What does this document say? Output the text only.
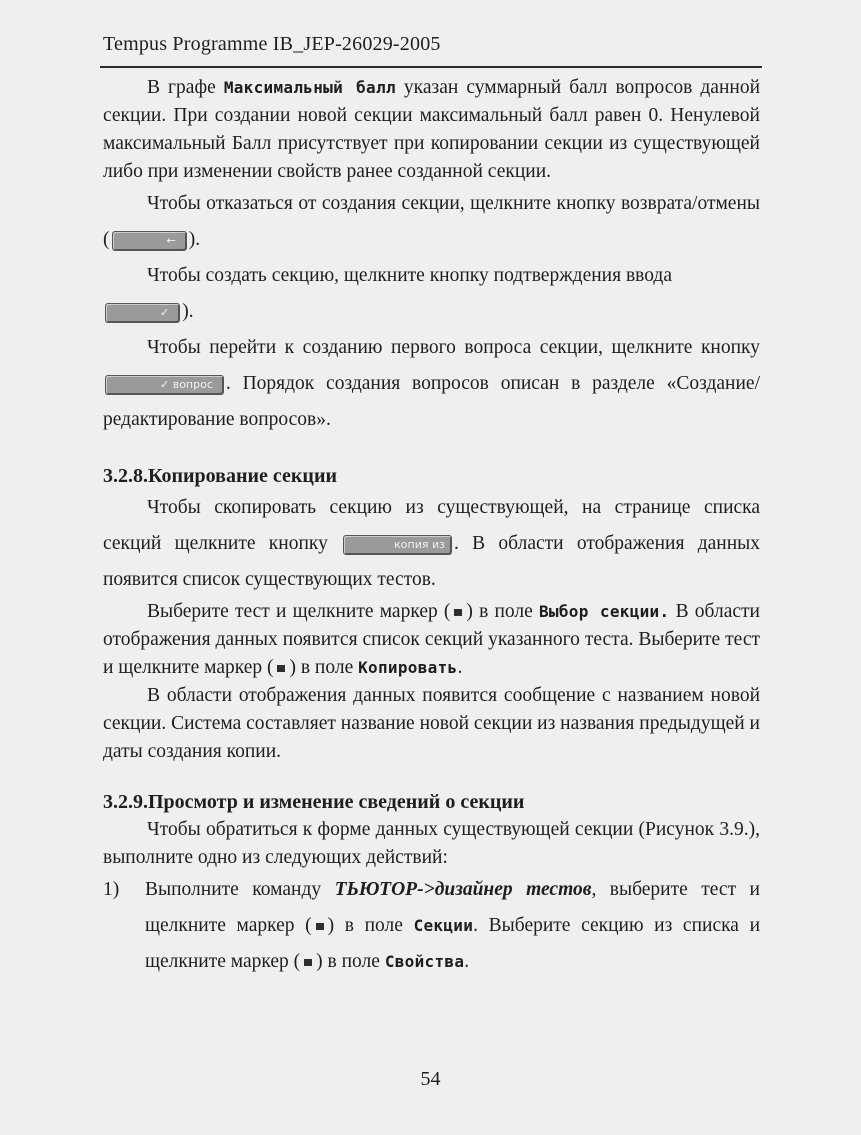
Tempus Programme IB_JEP-26029-2005

В графе Максимальный балл указан суммарный балл вопросов данной секции. При создании новой секции максимальный балл равен 0. Ненулевой максимальный Балл присутствует при копировании секции из существующей либо при изменении свойств ранее созданной секции.

Чтобы отказаться от создания секции, щелкните кнопку возврата/отмены (	← ).

Чтобы создать секцию, щелкните кнопку подтверждения ввода
✓ ).

Чтобы перейти к созданию первого вопроса секции, щелкните кнопку ✓ вопрос . Порядок создания вопросов описан в разделе «Создание/редактирование вопросов».

3.2.8.Копирование секции

Чтобы скопировать секцию из существующей, на странице списка секций щелкните кнопку	копия из . В области отображения данных появится список существующих тестов.

Выберите тест и щелкните маркер ( ) в поле Выбор секции. В области отображения данных появится список секций указанного теста. Выберите тест и щелкните маркер ( ) в поле Копировать.

В области отображения данных появится сообщение с названием новой секции. Система составляет название новой секции из названия предыдущей и даты создания копии.

3.2.9.Просмотр и изменение сведений о секции

Чтобы обратиться к форме данных существующей секции (Рисунок 3.9.), выполните одно из следующих действий:

1)	Выполните команду ТЬЮТОР->дизайнер тестов, выберите тест и щелкните маркер ( ) в поле Секции. Выберите секцию из списка и щелкните маркер ( ) в поле Свойства.
54
